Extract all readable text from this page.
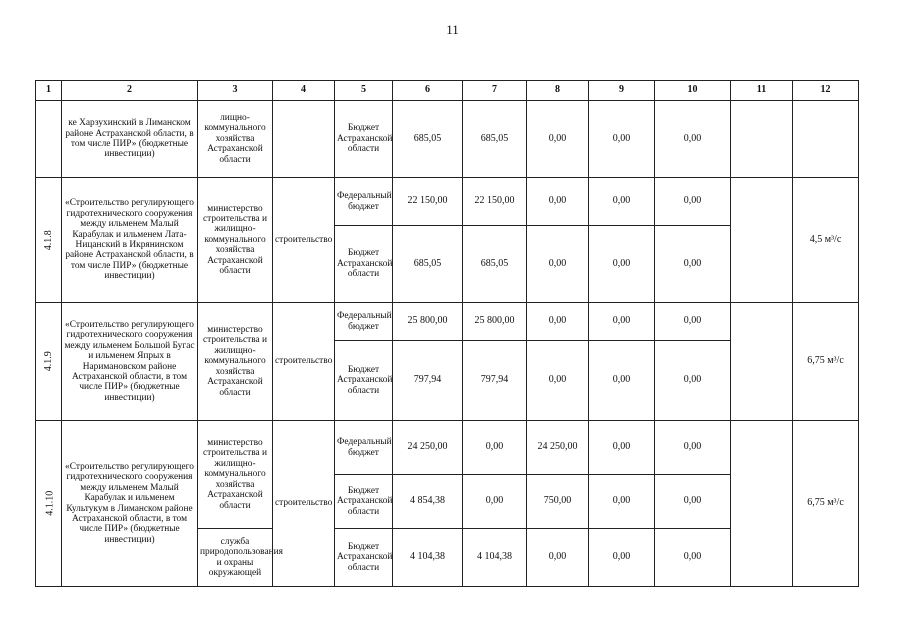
11
1	2	3	4	5	6	7	8	9	10	11	12
	ке Харзухинский в Лиманском районе Астраханской области, в том числе ПИР» (бюджетные инвестиции)	лищно-коммунального хозяйства Астраханской области		Бюджет Астраханской области	685,05	685,05	0,00	0,00	0,00		
4.1.8	«Строительство регулирующего гидротехнического сооружения между ильменем Малый Карабулак и ильменем Лата-Ницанский в Икрянинском районе Астраханской области, в том числе ПИР» (бюджетные инвестиции)	министерство строительства и жилищно-коммунального хозяйства Астраханской области	строительство	Федеральный бюджет	22 150,00	22 150,00	0,00	0,00	0,00		4,5 м³/с
				Бюджет Астраханской области	685,05	685,05	0,00	0,00	0,00		
4.1.9	«Строительство регулирующего гидротехнического сооружения между ильменем Большой Бугас и ильменем Япрых в Наримановском районе Астраханской области, в том числе ПИР» (бюджетные инвестиции)	министерство строительства и жилищно-коммунального хозяйства Астраханской области	строительство	Федеральный бюджет	25 800,00	25 800,00	0,00	0,00	0,00		6,75 м³/с
				Бюджет Астраханской области	797,94	797,94	0,00	0,00	0,00		
4.1.10	«Строительство регулирующего гидротехнического сооружения между ильменем Малый Карабулак и ильменем Культукум в Лиманском районе Астраханской области, в том числе ПИР» (бюджетные инвестиции)	министерство строительства и жилищно-коммунального хозяйства Астраханской области	строительство	Федеральный бюджет	24 250,00	0,00	24 250,00	0,00	0,00		6,75 м³/с
				Бюджет Астраханской области	4 854,38	0,00	750,00	0,00	0,00		
		служба природопользования и охраны окружающей		Бюджет Астраханской области	4 104,38	4 104,38	0,00	0,00	0,00		
